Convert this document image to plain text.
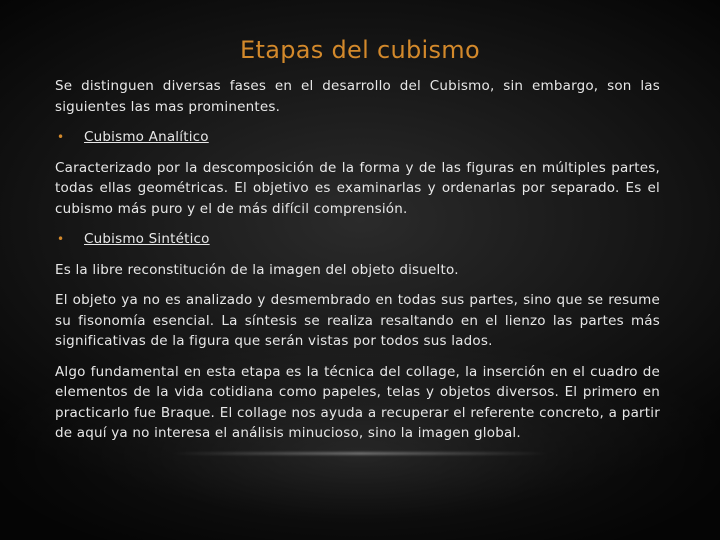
Etapas del cubismo

Se distinguen diversas fases en el desarrollo del Cubismo, sin embargo, son las siguientes las mas prominentes.

•	Cubismo Analítico

Caracterizado por la descomposición de la forma y de las figuras en múltiples partes, todas ellas geométricas. El objetivo es examinarlas y ordenarlas por separado. Es el cubismo más puro y el de más difícil comprensión.

•	Cubismo Sintético

Es la libre reconstitución de la imagen del objeto disuelto.

El objeto ya no es analizado y desmembrado en todas sus partes, sino que se resume su fisonomía esencial. La síntesis se realiza resaltando en el lienzo las partes más significativas de la figura que serán vistas por todos sus lados.

Algo fundamental en esta etapa es la técnica del collage, la inserción en el cuadro de elementos de la vida cotidiana como papeles, telas y objetos diversos. El primero en practicarlo fue Braque. El collage nos ayuda a recuperar el referente concreto, a partir de aquí ya no interesa el análisis minucioso, sino la imagen global.
